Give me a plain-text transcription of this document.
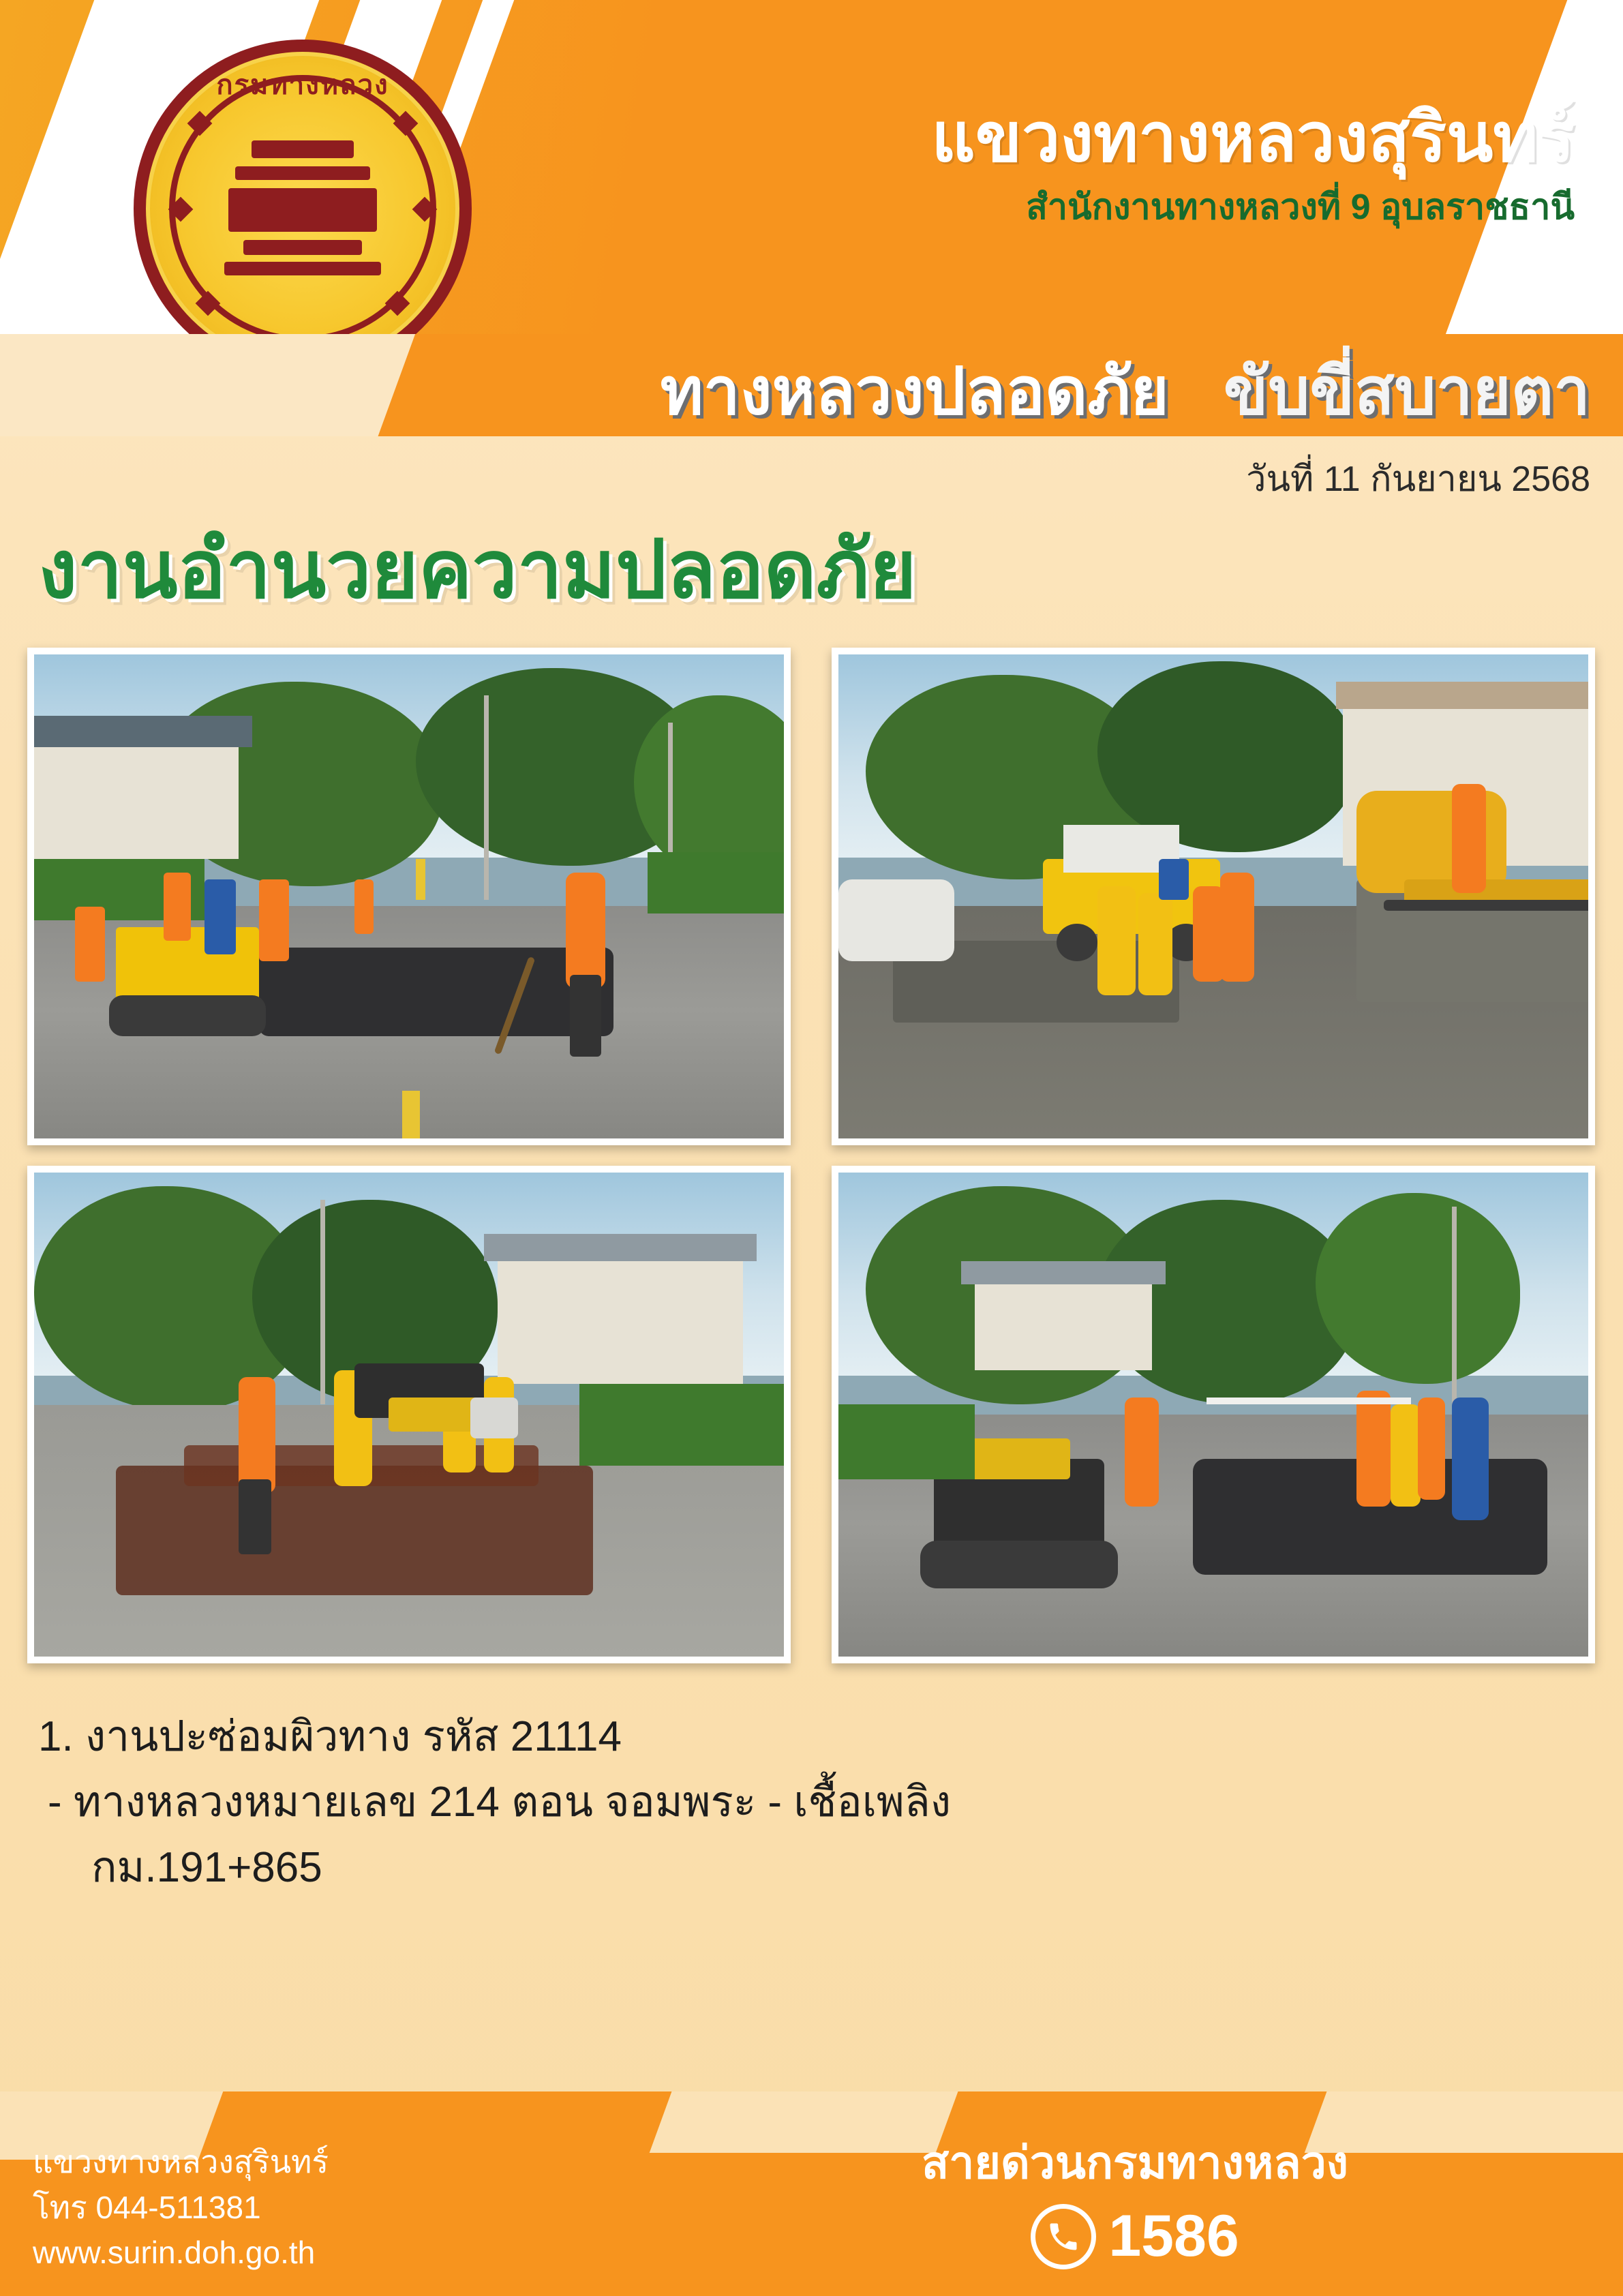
กรมทางหลวง
แขวงทางหลวงสุรินทร์
สำนักงานทางหลวงที่ 9 อุบลราชธานี
ทางหลวงปลอดภัย ขับขี่สบายตา
วันที่ 11 กันยายน 2568
งานอำนวยความปลอดภัย
1. งานปะซ่อมผิวทาง รหัส 21114
- ทางหลวงหมายเลข 214 ตอน จอมพระ - เชื้อเพลิง
กม.191+865
แขวงทางหลวงสุรินทร์
โทร 044-511381
www.surin.doh.go.th
สายด่วนกรมทางหลวง
1586
